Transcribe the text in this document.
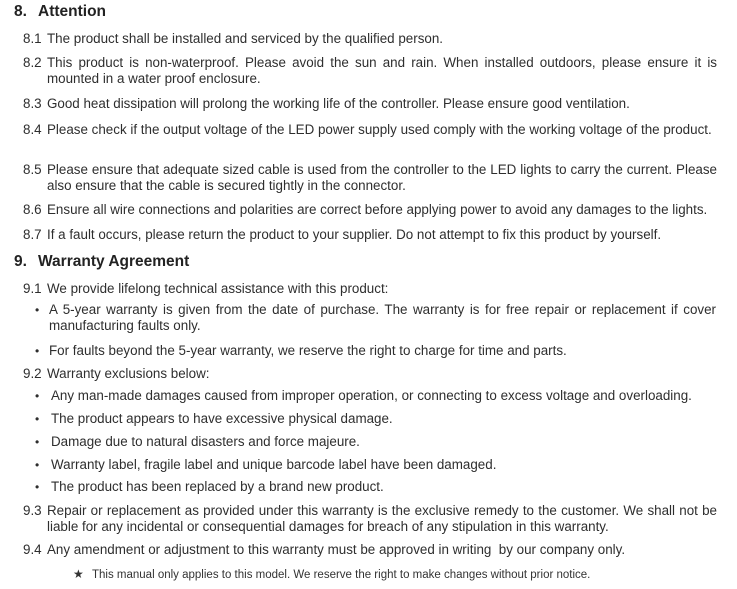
8. Attention
8.1 The product shall be installed and serviced by the qualified person.
8.2 This product is non-waterproof. Please avoid the sun and rain. When installed outdoors, please ensure it is mounted in a water proof enclosure.
8.3 Good heat dissipation will prolong the working life of the controller. Please ensure good ventilation.
8.4 Please check if the output voltage of the LED power supply used comply with the working voltage of the product.
8.5 Please ensure that adequate sized cable is used from the controller to the LED lights to carry the current. Please also ensure that the cable is secured tightly in the connector.
8.6 Ensure all wire connections and polarities are correct before applying power to avoid any damages to the lights.
8.7 If a fault occurs, please return the product to your supplier. Do not attempt to fix this product by yourself.
9. Warranty Agreement
9.1 We provide lifelong technical assistance with this product:
• A 5-year warranty is given from the date of purchase. The warranty is for free repair or replacement if cover manufacturing faults only.
• For faults beyond the 5-year warranty, we reserve the right to charge for time and parts.
9.2 Warranty exclusions below:
• Any man-made damages caused from improper operation, or connecting to excess voltage and overloading.
• The product appears to have excessive physical damage.
• Damage due to natural disasters and force majeure.
• Warranty label, fragile label and unique barcode label have been damaged.
• The product has been replaced by a brand new product.
9.3 Repair or replacement as provided under this warranty is the exclusive remedy to the customer. We shall not be liable for any incidental or consequential damages for breach of any stipulation in this warranty.
9.4 Any amendment or adjustment to this warranty must be approved in writing  by our company only.
★ This manual only applies to this model. We reserve the right to make changes without prior notice.
